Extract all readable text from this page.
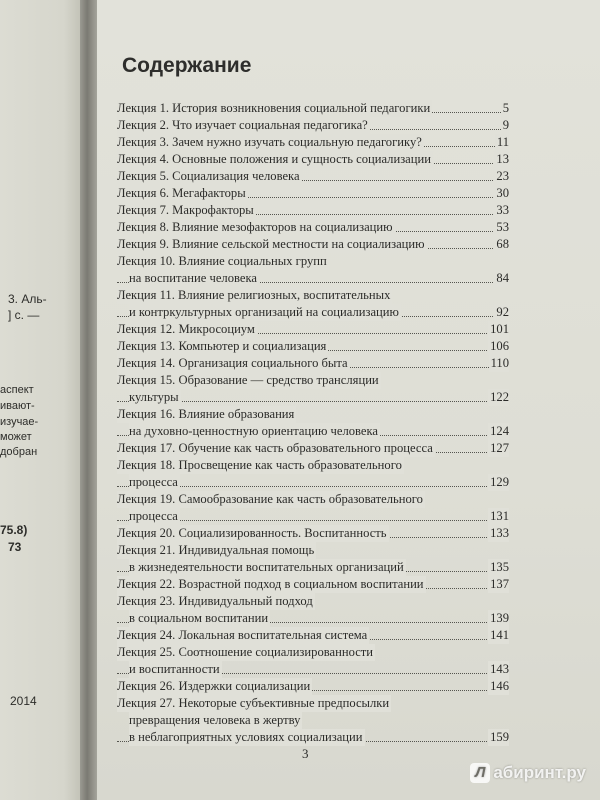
3. Аль-
] с. —
аспект
ивают-
изучае-
может
добран
75.8)
73
2014
Содержание
Лекция 1. История возникновения социальной педагогики	5
Лекция 2. Что изучает социальная педагогика?	9
Лекция 3. Зачем нужно изучать социальную педагогику?	11
Лекция 4. Основные положения и сущность социализации	13
Лекция 5. Социализация человека	23
Лекция 6. Мегафакторы	30
Лекция 7. Макрофакторы	33
Лекция 8. Влияние мезофакторов на социализацию	53
Лекция 9. Влияние сельской местности на социализацию	68
Лекция 10. Влияние социальных групп
на воспитание человека	84
Лекция 11. Влияние религиозных, воспитательных
и контркультурных организаций на социализацию	92
Лекция 12. Микросоциум	101
Лекция 13. Компьютер и социализация	106
Лекция 14. Организация социального быта	110
Лекция 15. Образование — средство трансляции
культуры	122
Лекция 16. Влияние образования
на духовно-ценностную ориентацию человека	124
Лекция 17. Обучение как часть образовательного процесса	127
Лекция 18. Просвещение как часть образовательного
процесса	129
Лекция 19. Самообразование как часть образовательного
процесса	131
Лекция 20. Социализированность. Воспитанность	133
Лекция 21. Индивидуальная помощь
в жизнедеятельности воспитательных организаций	135
Лекция 22. Возрастной подход в социальном воспитании	137
Лекция 23. Индивидуальный подход
в социальном воспитании	139
Лекция 24. Локальная воспитательная система	141
Лекция 25. Соотношение социализированности
и воспитанности	143
Лекция 26. Издержки социализации	146
Лекция 27. Некоторые субъективные предпосылки
превращения человека в жертву
в неблагоприятных условиях социализации	159
3
Л абиринт.ру
